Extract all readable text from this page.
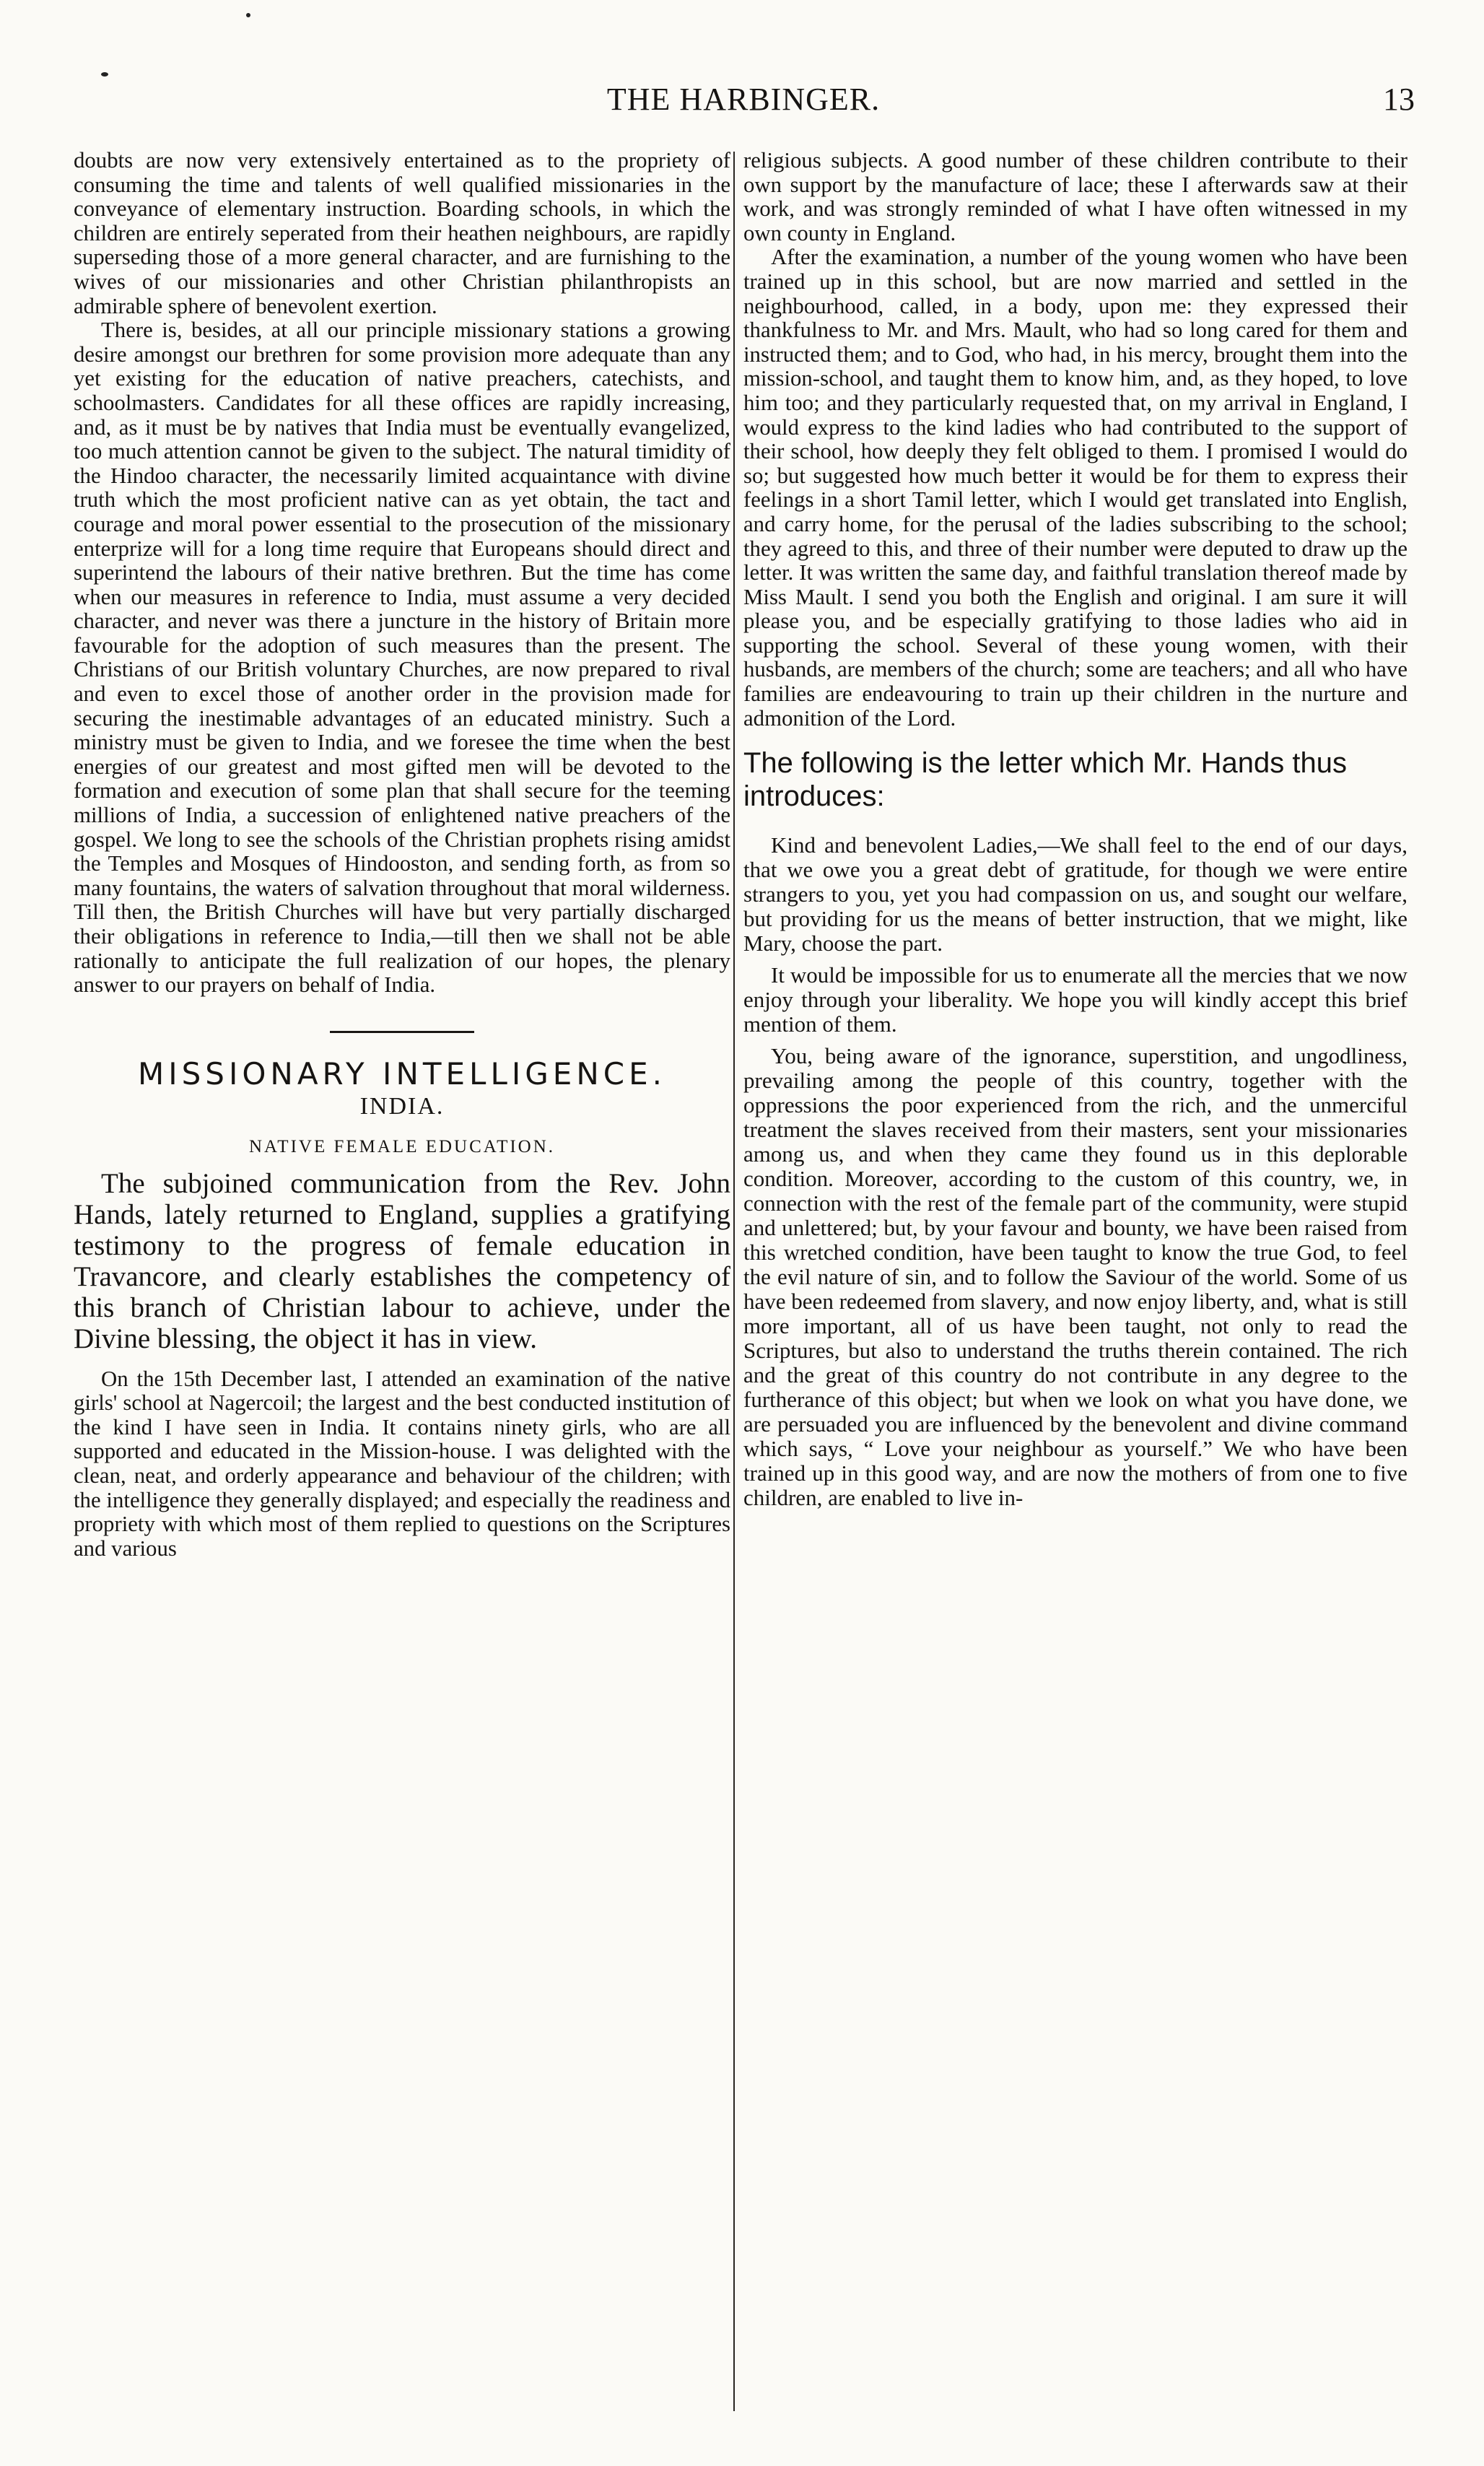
THE HARBINGER.	13

doubts are now very extensively entertained as to the propriety of consuming the time and talents of well qualified missionaries in the conveyance of elementary instruction. Boarding schools, in which the children are entirely seperated from their heathen neighbours, are rapidly superseding those of a more general character, and are furnishing to the wives of our missionaries and other Christian philanthropists an admirable sphere of benevolent exertion.

There is, besides, at all our principle missionary stations a growing desire amongst our brethren for some provision more adequate than any yet existing for the education of native preachers, catechists, and schoolmasters. Candidates for all these offices are rapidly increasing, and, as it must be by natives that India must be eventually evangelized, too much attention cannot be given to the subject. The natural timidity of the Hindoo character, the necessarily limited acquaintance with divine truth which the most proficient native can as yet obtain, the tact and courage and moral power essential to the prosecution of the missionary enterprize will for a long time require that Europeans should direct and superintend the labours of their native brethren. But the time has come when our measures in reference to India, must assume a very decided character, and never was there a juncture in the history of Britain more favourable for the adoption of such measures than the present. The Christians of our British voluntary Churches, are now prepared to rival and even to excel those of another order in the provision made for securing the inestimable advantages of an educated ministry. Such a ministry must be given to India, and we foresee the time when the best energies of our greatest and most gifted men will be devoted to the formation and execution of some plan that shall secure for the teeming millions of India, a succession of enlightened native preachers of the gospel. We long to see the schools of the Christian prophets rising amidst the Temples and Mosques of Hindooston, and sending forth, as from so many fountains, the waters of salvation throughout that moral wilderness. Till then, the British Churches will have but very partially discharged their obligations in reference to India,—till then we shall not be able rationally to anticipate the full realization of our hopes, the plenary answer to our prayers on behalf of India.

MISSIONARY INTELLIGENCE.
INDIA.
NATIVE FEMALE EDUCATION.

The subjoined communication from the Rev. John Hands, lately returned to England, supplies a gratifying testimony to the progress of female education in Travancore, and clearly establishes the competency of this branch of Christian labour to achieve, under the Divine blessing, the object it has in view.

On the 15th December last, I attended an examination of the native girls' school at Nagercoil; the largest and the best conducted institution of the kind I have seen in India. It contains ninety girls, who are all supported and educated in the Mission-house. I was delighted with the clean, neat, and orderly appearance and behaviour of the children; with the intelligence they generally displayed; and especially the readiness and propriety with which most of them replied to questions on the Scriptures and various

religious subjects. A good number of these children contribute to their own support by the manufacture of lace; these I afterwards saw at their work, and was strongly reminded of what I have often witnessed in my own county in England.

After the examination, a number of the young women who have been trained up in this school, but are now married and settled in the neighbourhood, called, in a body, upon me: they expressed their thankfulness to Mr. and Mrs. Mault, who had so long cared for them and instructed them; and to God, who had, in his mercy, brought them into the mission-school, and taught them to know him, and, as they hoped, to love him too; and they particularly requested that, on my arrival in England, I would express to the kind ladies who had contributed to the support of their school, how deeply they felt obliged to them. I promised I would do so; but suggested how much better it would be for them to express their feelings in a short Tamil letter, which I would get translated into English, and carry home, for the perusal of the ladies subscribing to the school; they agreed to this, and three of their number were deputed to draw up the letter. It was written the same day, and faithful translation thereof made by Miss Mault. I send you both the English and original. I am sure it will please you, and be especially gratifying to those ladies who aid in supporting the school. Several of these young women, with their husbands, are members of the church; some are teachers; and all who have families are endeavouring to train up their children in the nurture and admonition of the Lord.

The following is the letter which Mr. Hands thus introduces:

Kind and benevolent Ladies,—We shall feel to the end of our days, that we owe you a great debt of gratitude, for though we were entire strangers to you, yet you had compassion on us, and sought our welfare, but providing for us the means of better instruction, that we might, like Mary, choose the part.

It would be impossible for us to enumerate all the mercies that we now enjoy through your liberality. We hope you will kindly accept this brief mention of them.

You, being aware of the ignorance, superstition, and ungodliness, prevailing among the people of this country, together with the oppressions the poor experienced from the rich, and the unmerciful treatment the slaves received from their masters, sent your missionaries among us, and when they came they found us in this deplorable condition. Moreover, according to the custom of this country, we, in connection with the rest of the female part of the community, were stupid and unlettered; but, by your favour and bounty, we have been raised from this wretched condition, have been taught to know the true God, to feel the evil nature of sin, and to follow the Saviour of the world. Some of us have been redeemed from slavery, and now enjoy liberty, and, what is still more important, all of us have been taught, not only to read the Scriptures, but also to understand the truths therein contained. The rich and the great of this country do not contribute in any degree to the furtherance of this object; but when we look on what you have done, we are persuaded you are influenced by the benevolent and divine command which says, “ Love your neighbour as yourself.” We who have been trained up in this good way, and are now the mothers of from one to five children, are enabled to live in-
